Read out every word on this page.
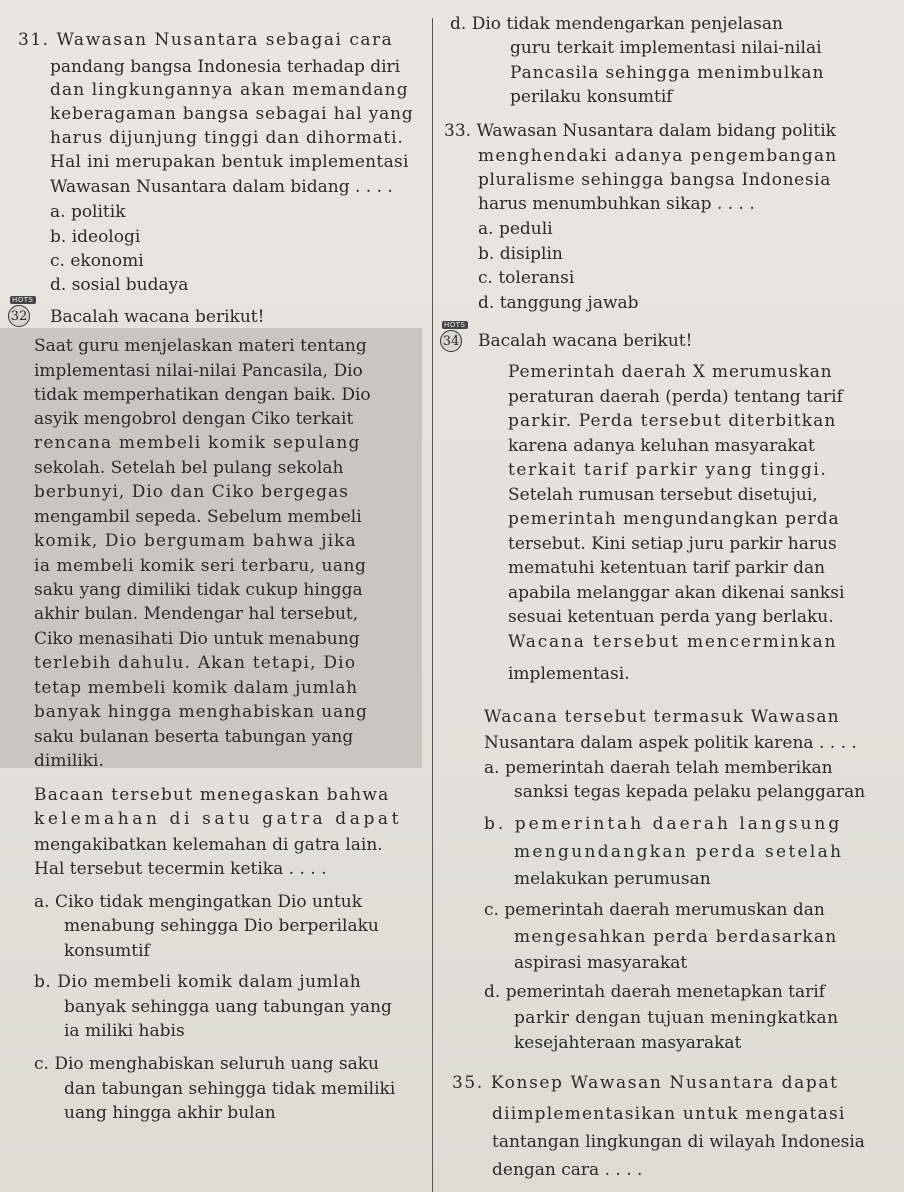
31. Wawasan Nusantara sebagai cara
pandang bangsa Indonesia terhadap diri
dan lingkungannya akan memandang
keberagaman bangsa sebagai hal yang
harus dijunjung tinggi dan dihormati.
Hal ini merupakan bentuk implementasi
Wawasan Nusantara dalam bidang . . . .
a. politik
b. ideologi
c. ekonomi
d. sosial budaya
HOTS
32 Bacalah wacana berikut!
Saat guru menjelaskan materi tentang
implementasi nilai-nilai Pancasila, Dio
tidak memperhatikan dengan baik. Dio
asyik mengobrol dengan Ciko terkait
rencana membeli komik sepulang
sekolah. Setelah bel pulang sekolah
berbunyi, Dio dan Ciko bergegas
mengambil sepeda. Sebelum membeli
komik, Dio bergumam bahwa jika
ia membeli komik seri terbaru, uang
saku yang dimiliki tidak cukup hingga
akhir bulan. Mendengar hal tersebut,
Ciko menasihati Dio untuk menabung
terlebih dahulu. Akan tetapi, Dio
tetap membeli komik dalam jumlah
banyak hingga menghabiskan uang
saku bulanan beserta tabungan yang
dimiliki.
Bacaan tersebut menegaskan bahwa
kelemahan di satu gatra dapat
mengakibatkan kelemahan di gatra lain.
Hal tersebut tecermin ketika . . . .
a. Ciko tidak mengingatkan Dio untuk
menabung sehingga Dio berperilaku
konsumtif
b. Dio membeli komik dalam jumlah
banyak sehingga uang tabungan yang
ia miliki habis
c. Dio menghabiskan seluruh uang saku
dan tabungan sehingga tidak memiliki
uang hingga akhir bulan
d. Dio tidak mendengarkan penjelasan
guru terkait implementasi nilai-nilai
Pancasila sehingga menimbulkan
perilaku konsumtif
33. Wawasan Nusantara dalam bidang politik
menghendaki adanya pengembangan
pluralisme sehingga bangsa Indonesia
harus menumbuhkan sikap . . . .
a. peduli
b. disiplin
c. toleransi
d. tanggung jawab
HOTS
34 Bacalah wacana berikut!
Pemerintah daerah X merumuskan
peraturan daerah (perda) tentang tarif
parkir. Perda tersebut diterbitkan
karena adanya keluhan masyarakat
terkait tarif parkir yang tinggi.
Setelah rumusan tersebut disetujui,
pemerintah mengundangkan perda
tersebut. Kini setiap juru parkir harus
mematuhi ketentuan tarif parkir dan
apabila melanggar akan dikenai sanksi
sesuai ketentuan perda yang berlaku.
Wacana tersebut mencerminkan
implementasi.
Wacana tersebut termasuk Wawasan
Nusantara dalam aspek politik karena . . . .
a. pemerintah daerah telah memberikan
sanksi tegas kepada pelaku pelanggaran
b. pemerintah daerah langsung
mengundangkan perda setelah
melakukan perumusan
c. pemerintah daerah merumuskan dan
mengesahkan perda berdasarkan
aspirasi masyarakat
d. pemerintah daerah menetapkan tarif
parkir dengan tujuan meningkatkan
kesejahteraan masyarakat
35. Konsep Wawasan Nusantara dapat
diimplementasikan untuk mengatasi
tantangan lingkungan di wilayah Indonesia
dengan cara . . . .
